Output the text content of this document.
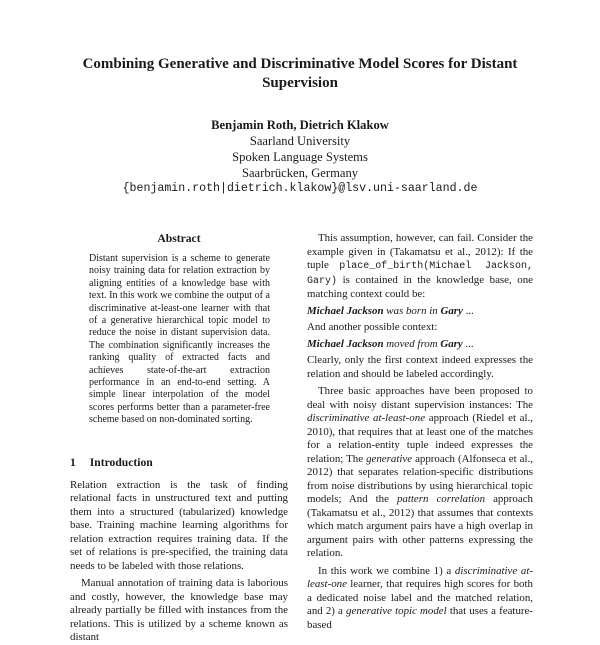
Combining Generative and Discriminative Model Scores for Distant Supervision
Benjamin Roth, Dietrich Klakow
Saarland University
Spoken Language Systems
Saarbrücken, Germany
{benjamin.roth|dietrich.klakow}@lsv.uni-saarland.de
Abstract

Distant supervision is a scheme to generate noisy training data for relation extraction by aligning entities of a knowledge base with text. In this work we combine the output of a discriminative at-least-one learner with that of a generative hierarchical topic model to reduce the noise in distant supervision data. The combination significantly increases the ranking quality of extracted facts and achieves state-of-the-art extraction performance in an end-to-end setting. A simple linear interpolation of the model scores performs better than a parameter-free scheme based on non-dominated sorting.

1 Introduction

Relation extraction is the task of finding relational facts in unstructured text and putting them into a structured (tabularized) knowledge base. Training machine learning algorithms for relation extraction requires training data. If the set of relations is pre-specified, the training data needs to be labeled with those relations.

Manual annotation of training data is laborious and costly, however, the knowledge base may already partially be filled with instances from the relations. This is utilized by a scheme known as distant

This assumption, however, can fail. Consider the example given in (Takamatsu et al., 2012): If the tuple place_of_birth(Michael Jackson, Gary) is contained in the knowledge base, one matching context could be:

Michael Jackson was born in Gary ...
And another possible context:
Michael Jackson moved from Gary ...

Clearly, only the first context indeed expresses the relation and should be labeled accordingly.

Three basic approaches have been proposed to deal with noisy distant supervision instances: The discriminative at-least-one approach (Riedel et al., 2010), that requires that at least one of the matches for a relation-entity tuple indeed expresses the relation; The generative approach (Alfonseca et al., 2012) that separates relation-specific distributions from noise distributions by using hierarchical topic models; And the pattern correlation approach (Takamatsu et al., 2012) that assumes that contexts which match argument pairs have a high overlap in argument pairs with other patterns expressing the relation.

In this work we combine 1) a discriminative at-least-one learner, that requires high scores for both a dedicated noise label and the matched relation, and 2) a generative topic model that uses a feature-based
